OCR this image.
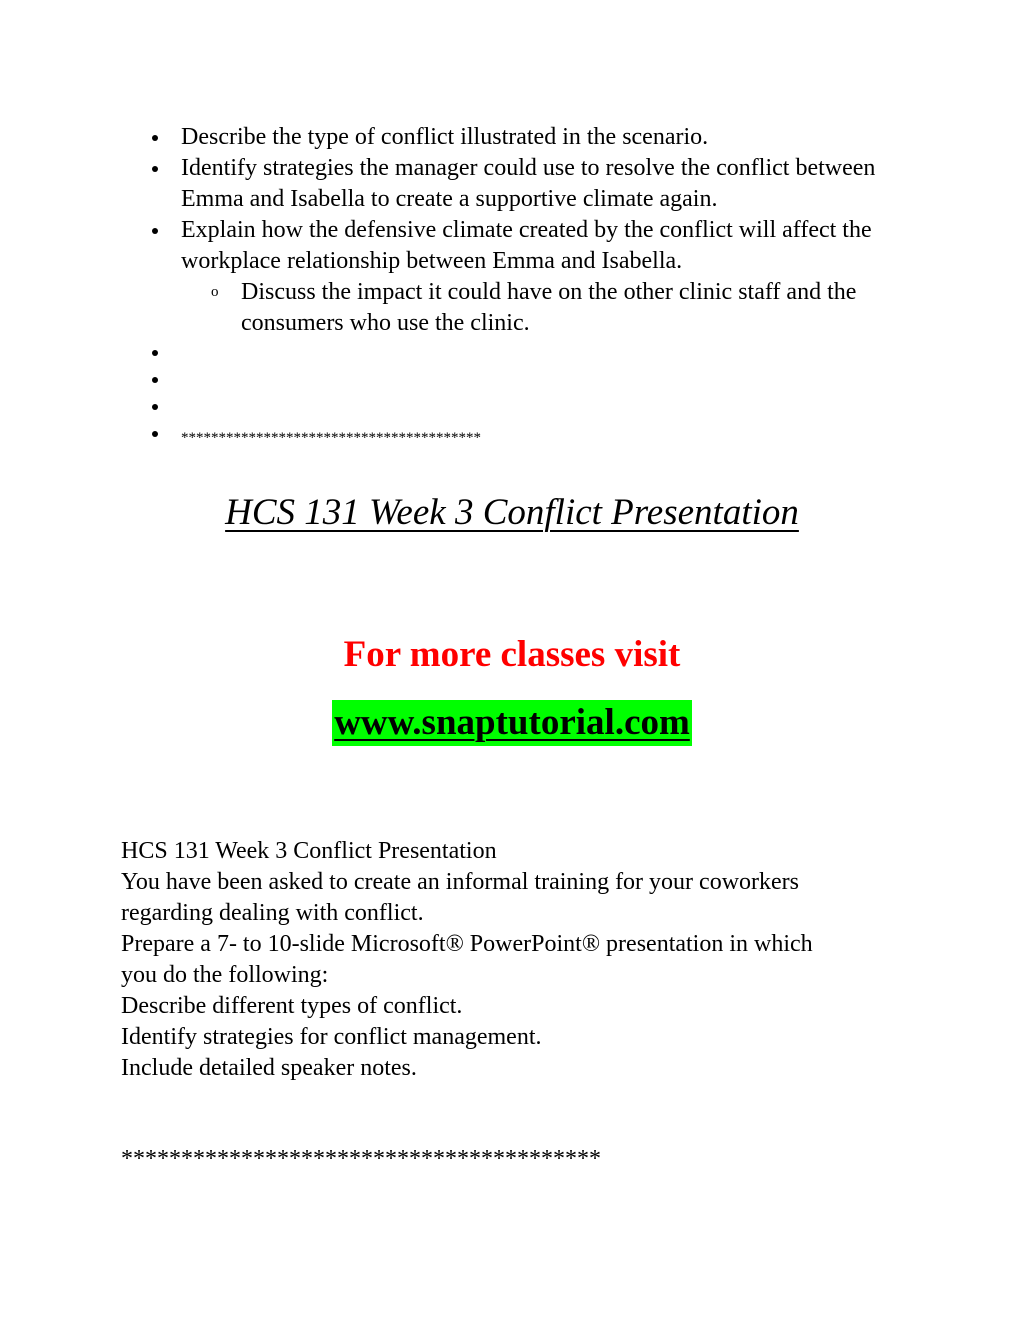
Describe the type of conflict illustrated in the scenario.
Identify strategies the manager could use to resolve the conflict between Emma and Isabella to create a supportive climate again.
Explain how the defensive climate created by the conflict will affect the workplace relationship between Emma and Isabella.
o Discuss the impact it could have on the other clinic staff and the consumers who use the clinic.
****************************************
HCS 131 Week 3 Conflict Presentation
For more classes visit
www.snaptutorial.com
HCS 131 Week 3 Conflict Presentation
You have been asked to create an informal training for your coworkers
regarding dealing with conflict.
Prepare a 7- to 10-slide Microsoft® PowerPoint® presentation in which
you do the following:
Describe different types of conflict.
Identify strategies for conflict management.
Include detailed speaker notes.
****************************************
